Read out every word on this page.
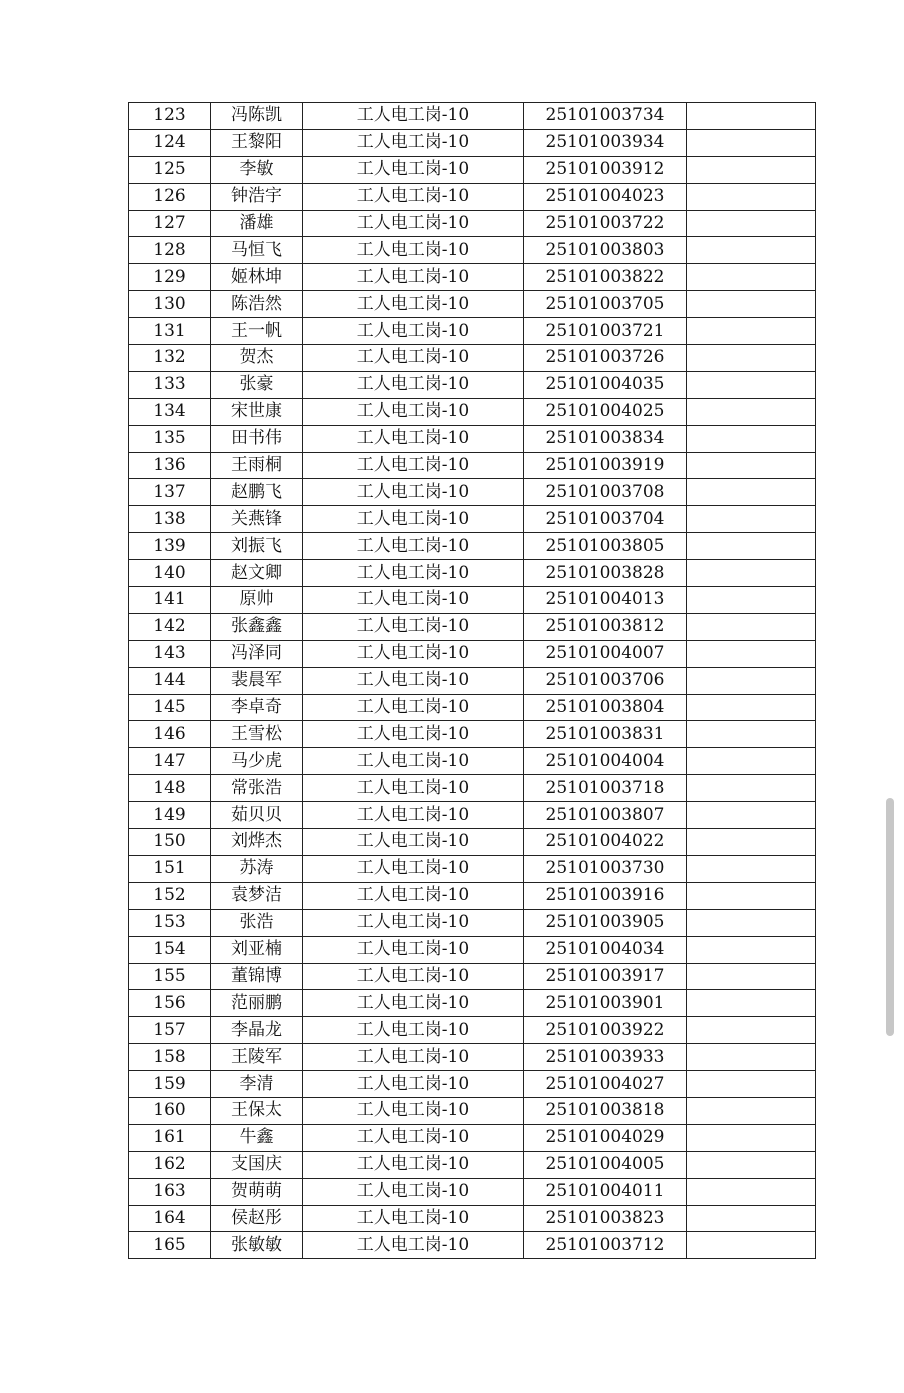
123	冯陈凯	工人电工岗-10	25101003734	
124	王黎阳	工人电工岗-10	25101003934	
125	李敏	工人电工岗-10	25101003912	
126	钟浩宇	工人电工岗-10	25101004023	
127	潘雄	工人电工岗-10	25101003722	
128	马恒飞	工人电工岗-10	25101003803	
129	姬林坤	工人电工岗-10	25101003822	
130	陈浩然	工人电工岗-10	25101003705	
131	王一帆	工人电工岗-10	25101003721	
132	贺杰	工人电工岗-10	25101003726	
133	张豪	工人电工岗-10	25101004035	
134	宋世康	工人电工岗-10	25101004025	
135	田书伟	工人电工岗-10	25101003834	
136	王雨桐	工人电工岗-10	25101003919	
137	赵鹏飞	工人电工岗-10	25101003708	
138	关燕锋	工人电工岗-10	25101003704	
139	刘振飞	工人电工岗-10	25101003805	
140	赵文卿	工人电工岗-10	25101003828	
141	原帅	工人电工岗-10	25101004013	
142	张鑫鑫	工人电工岗-10	25101003812	
143	冯泽同	工人电工岗-10	25101004007	
144	裴晨军	工人电工岗-10	25101003706	
145	李卓奇	工人电工岗-10	25101003804	
146	王雪松	工人电工岗-10	25101003831	
147	马少虎	工人电工岗-10	25101004004	
148	常张浩	工人电工岗-10	25101003718	
149	茹贝贝	工人电工岗-10	25101003807	
150	刘烨杰	工人电工岗-10	25101004022	
151	苏涛	工人电工岗-10	25101003730	
152	袁梦洁	工人电工岗-10	25101003916	
153	张浩	工人电工岗-10	25101003905	
154	刘亚楠	工人电工岗-10	25101004034	
155	董锦博	工人电工岗-10	25101003917	
156	范丽鹏	工人电工岗-10	25101003901	
157	李晶龙	工人电工岗-10	25101003922	
158	王陵军	工人电工岗-10	25101003933	
159	李清	工人电工岗-10	25101004027	
160	王保太	工人电工岗-10	25101003818	
161	牛鑫	工人电工岗-10	25101004029	
162	支国庆	工人电工岗-10	25101004005	
163	贺萌萌	工人电工岗-10	25101004011	
164	侯赵彤	工人电工岗-10	25101003823	
165	张敏敏	工人电工岗-10	25101003712	
